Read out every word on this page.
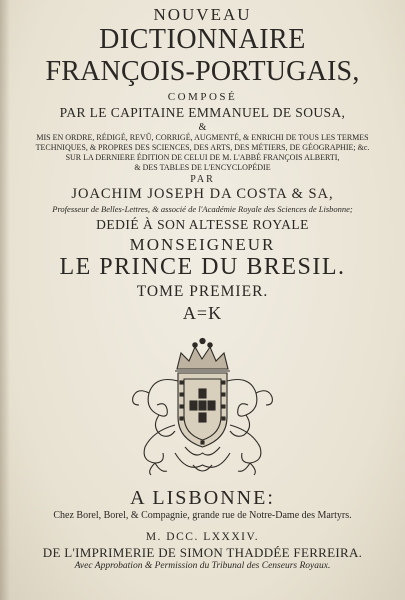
NOUVEAU
DICTIONNAIRE
FRANÇOIS-PORTUGAIS,
COMPOSÉ
PAR LE CAPITAINE EMMANUEL DE SOUSA,
&
MIS EN ORDRE, RÉDIGÉ, REVÛ, CORRIGÉ, AUGMENTÉ, & ENRICHI DE TOUS LES TERMES
TECHNIQUES, & PROPRES DES SCIENCES, DES ARTS, DES MÉTIERS, DE GÉOGRAPHIE; &c.
SUR LA DERNIERE ÉDITION DE CELUI DE M. L'ABBÉ FRANÇOIS ALBERTI,
& DES TABLES DE L'ENCYCLOPÉDIE
PAR
JOACHIM JOSEPH DA COSTA & SA,
Professeur de Belles-Lettres, & associé de l'Académie Royale des Sciences de Lisbonne;
DEDIÉ À SON ALTESSE ROYALE
MONSEIGNEUR
LE PRINCE DU BRESIL.
TOME PREMIER.
A=K
A LISBONNE:
Chez Borel, Borel, & Compagnie, grande rue de Notre-Dame des Martyrs.
M. DCC. LXXXIV.
DE L'IMPRIMERIE DE SIMON THADDÉE FERREIRA.
Avec Approbation & Permission du Tribunal des Censeurs Royaux.
